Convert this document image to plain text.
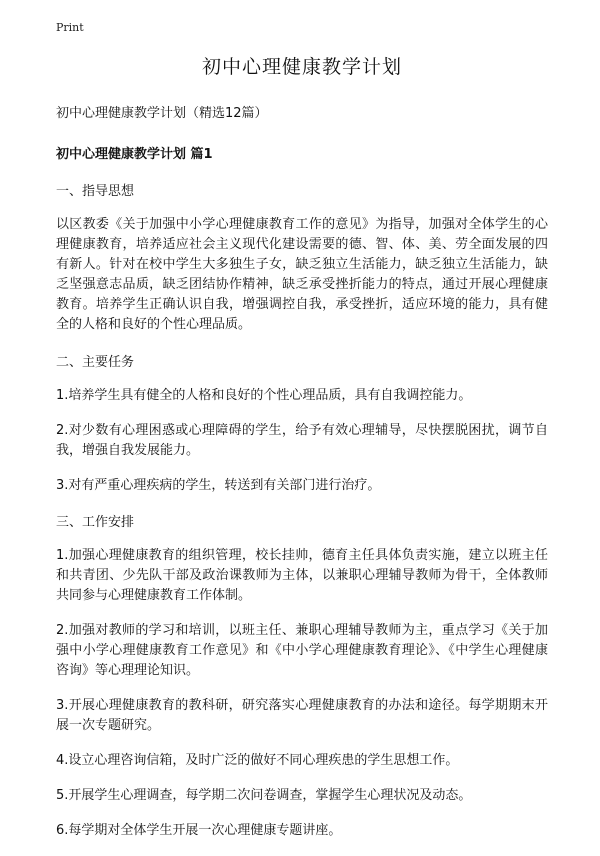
Print
初中心理健康教学计划

初中心理健康教学计划（精选12篇）

初中心理健康教学计划 篇1

一、指导思想

以区教委《关于加强中小学心理健康教育工作的意见》为指导，加强对全体学生的心理健康教育，培养适应社会主义现代化建设需要的德、智、体、美、劳全面发展的四有新人。针对在校中学生大多独生子女，缺乏独立生活能力，缺乏独立生活能力，缺乏坚强意志品质，缺乏团结协作精神，缺乏承受挫折能力的特点，通过开展心理健康教育。培养学生正确认识自我，增强调控自我，承受挫折，适应环境的能力，具有健全的人格和良好的个性心理品质。

二、主要任务

1.培养学生具有健全的人格和良好的个性心理品质，具有自我调控能力。

2.对少数有心理困惑或心理障碍的学生，给予有效心理辅导，尽快摆脱困扰，调节自我，增强自我发展能力。

3.对有严重心理疾病的学生，转送到有关部门进行治疗。

三、工作安排

1.加强心理健康教育的组织管理，校长挂帅，德育主任具体负责实施，建立以班主任和共青团、少先队干部及政治课教师为主体，以兼职心理辅导教师为骨干，全体教师共同参与心理健康教育工作体制。

2.加强对教师的学习和培训，以班主任、兼职心理辅导教师为主，重点学习《关于加强中小学心理健康教育工作意见》和《中小学心理健康教育理论》、《中学生心理健康咨询》等心理理论知识。

3.开展心理健康教育的教科研，研究落实心理健康教育的办法和途径。每学期期末开展一次专题研究。

4.设立心理咨询信箱，及时广泛的做好不同心理疾患的学生思想工作。

5.开展学生心理调查，每学期二次问卷调查，掌握学生心理状况及动态。

6.每学期对全体学生开展一次心理健康专题讲座。
